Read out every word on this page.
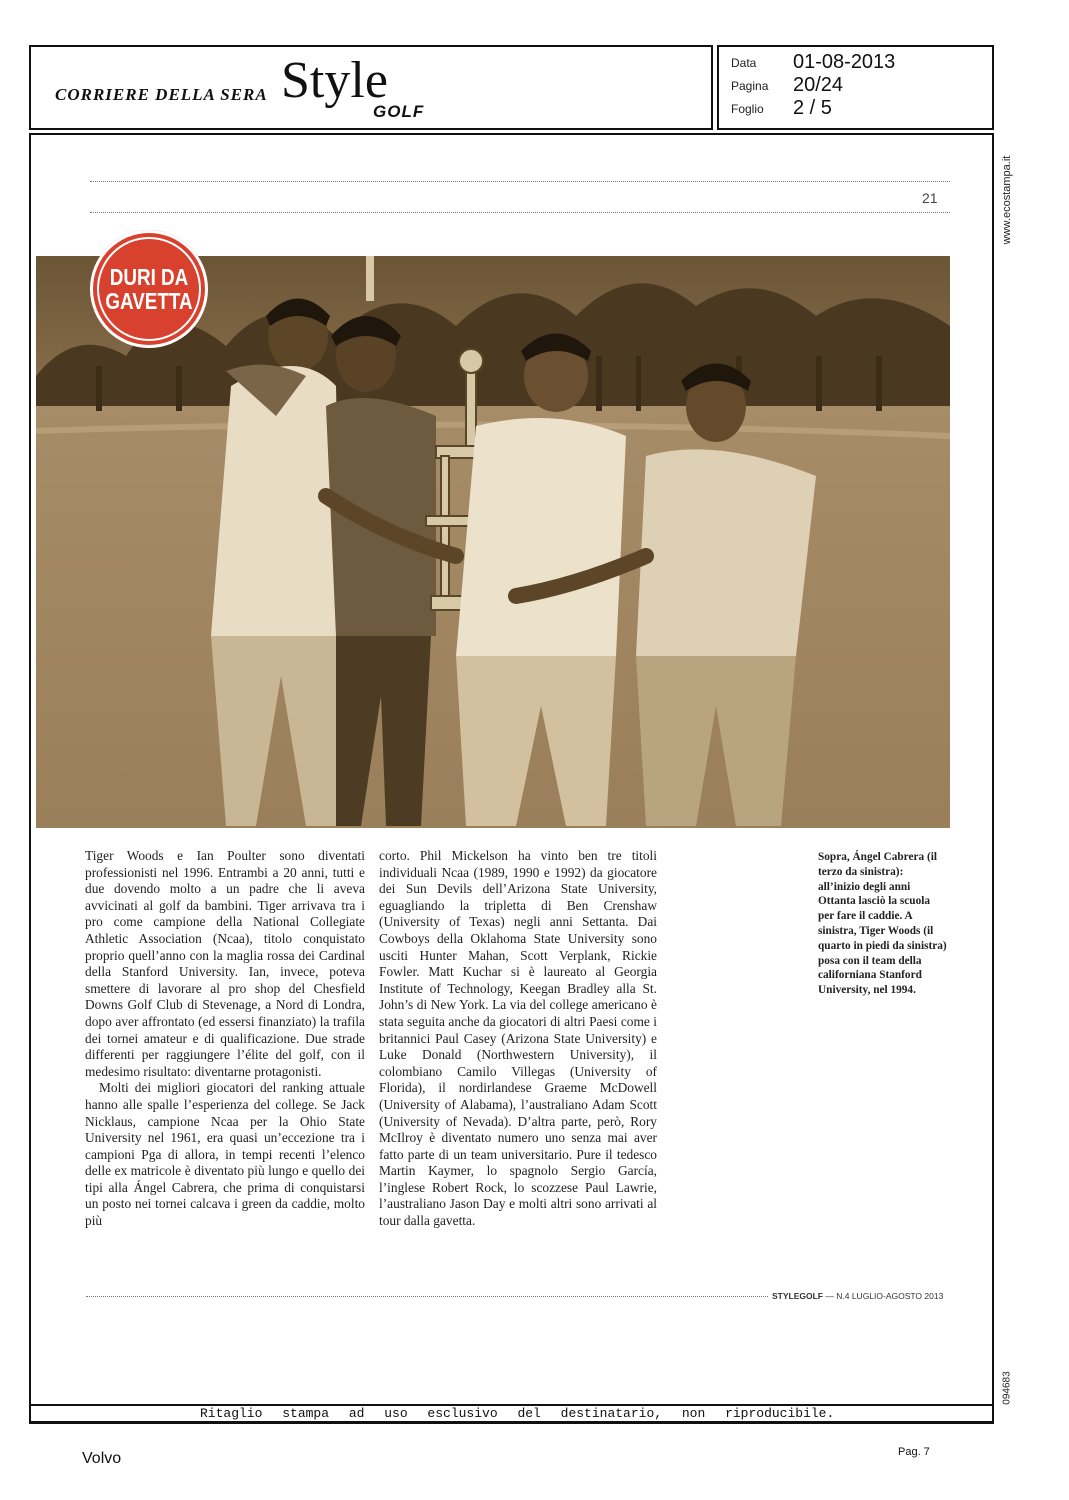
CORRIERE DELLA SERA Style
GOLF
Data 01-08-2013
Pagina 20/24
Foglio 2 / 5
www.ecostampa.it
094683
21
DURI DA
GAVETTA

Tiger Woods e Ian Poulter sono diventati professionisti nel 1996. Entrambi a 20 anni, tutti e due dovendo molto a un padre che li aveva avvicinati al golf da bambini. Tiger arrivava tra i pro come campione della National Collegiate Athletic Association (Ncaa), titolo conquistato proprio quell’anno con la maglia rossa dei Cardinal della Stanford University. Ian, invece, poteva smettere di lavorare al pro shop del Chesfield Downs Golf Club di Stevenage, a Nord di Londra, dopo aver affrontato (ed essersi finanziato) la trafila dei tornei amateur e di qualificazione. Due strade differenti per raggiungere l’élite del golf, con il medesimo risultato: diventarne protagonisti.

Molti dei migliori giocatori del ranking attuale hanno alle spalle l’esperienza del college. Se Jack Nicklaus, campione Ncaa per la Ohio State University nel 1961, era quasi un’eccezione tra i campioni Pga di allora, in tempi recenti l’elenco delle ex matricole è diventato più lungo e quello dei tipi alla Ángel Cabrera, che prima di conquistarsi un posto nei tornei calcava i green da caddie, molto più

corto. Phil Mickelson ha vinto ben tre titoli individuali Ncaa (1989, 1990 e 1992) da giocatore dei Sun Devils dell’Arizona State University, eguagliando la tripletta di Ben Crenshaw (University of Texas) negli anni Settanta. Dai Cowboys della Oklahoma State University sono usciti Hunter Mahan, Scott Verplank, Rickie Fowler. Matt Kuchar si è laureato al Georgia Institute of Technology, Keegan Bradley alla St. John’s di New York. La via del college americano è stata seguita anche da giocatori di altri Paesi come i britannici Paul Casey (Arizona State University) e Luke Donald (Northwestern University), il colombiano Camilo Villegas (University of Florida), il nordirlandese Graeme McDowell (University of Alabama), l’australiano Adam Scott (University of Nevada). D’altra parte, però, Rory McIlroy è diventato numero uno senza mai aver fatto parte di un team universitario. Pure il tedesco Martin Kaymer, lo spagnolo Sergio García, l’inglese Robert Rock, lo scozzese Paul Lawrie, l’australiano Jason Day e molti altri sono arrivati al tour dalla gavetta.

Sopra, Ángel Cabrera (il terzo da sinistra): all’inizio degli anni Ottanta lasciò la scuola per fare il caddie. A sinistra, Tiger Woods (il quarto in piedi da sinistra) posa con il team della californiana Stanford University, nel 1994.
STYLEGOLF — N.4 LUGLIO-AGOSTO 2013
Ritaglio stampa ad uso esclusivo del destinatario, non riproducibile.
Volvo	Pag. 7
